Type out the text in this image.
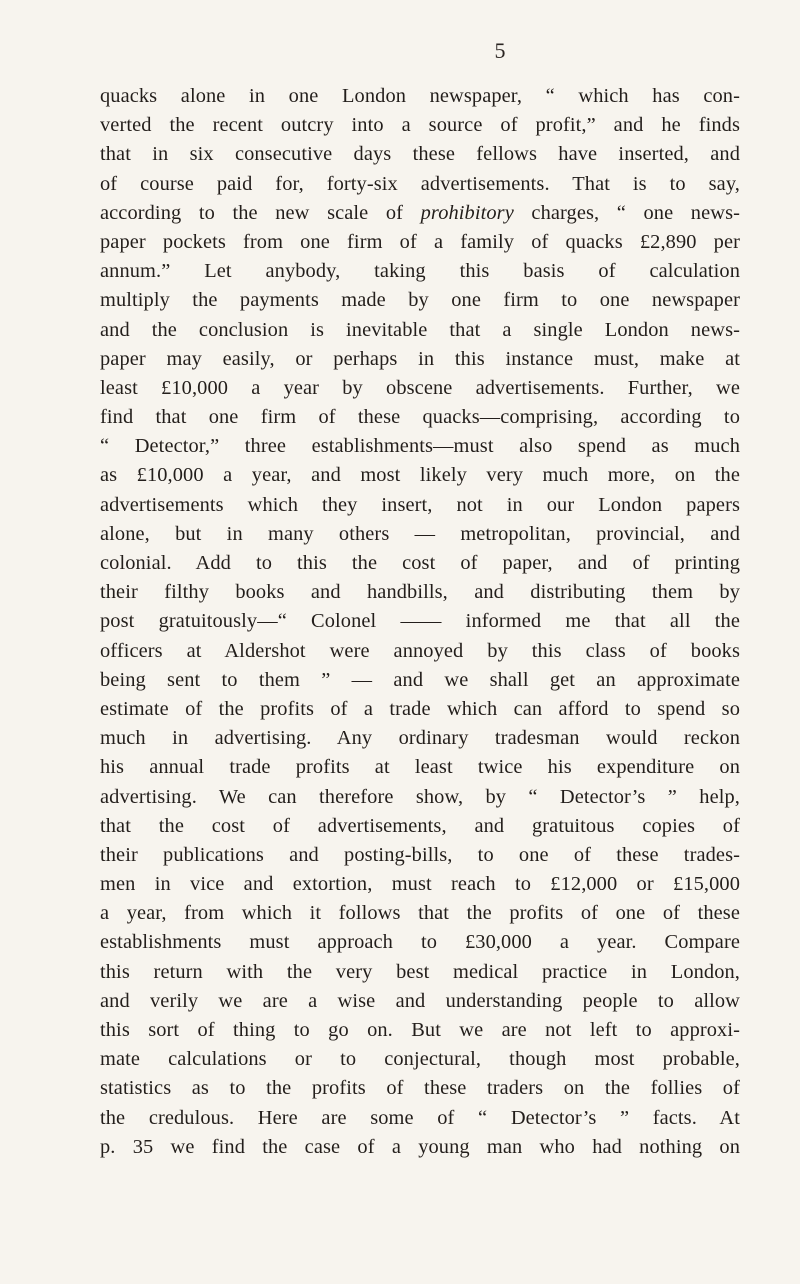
5
quacks alone in one London newspaper, “ which has con-
verted the recent outcry into a source of profit,” and he finds
that in six consecutive days these fellows have inserted, and
of course paid for, forty-six advertisements. That is to say,
according to the new scale of prohibitory charges, “ one news-
paper pockets from one firm of a family of quacks £2,890 per
annum.” Let anybody, taking this basis of calculation
multiply the payments made by one firm to one newspaper
and the conclusion is inevitable that a single London news-
paper may easily, or perhaps in this instance must, make at
least £10,000 a year by obscene advertisements. Further, we
find that one firm of these quacks—comprising, according to
“ Detector,” three establishments—must also spend as much
as £10,000 a year, and most likely very much more, on the
advertisements which they insert, not in our London papers
alone, but in many others — metropolitan, provincial, and
colonial. Add to this the cost of paper, and of printing
their filthy books and handbills, and distributing them by
post gratuitously—“ Colonel —— informed me that all the
officers at Aldershot were annoyed by this class of books
being sent to them ” — and we shall get an approximate
estimate of the profits of a trade which can afford to spend so
much in advertising. Any ordinary tradesman would reckon
his annual trade profits at least twice his expenditure on
advertising. We can therefore show, by “ Detector’s ” help,
that the cost of advertisements, and gratuitous copies of
their publications and posting-bills, to one of these trades-
men in vice and extortion, must reach to £12,000 or £15,000
a year, from which it follows that the profits of one of these
establishments must approach to £30,000 a year. Compare
this return with the very best medical practice in London,
and verily we are a wise and understanding people to allow
this sort of thing to go on. But we are not left to approxi-
mate calculations or to conjectural, though most probable,
statistics as to the profits of these traders on the follies of
the credulous. Here are some of “ Detector’s ” facts. At
p. 35 we find the case of a young man who had nothing on
